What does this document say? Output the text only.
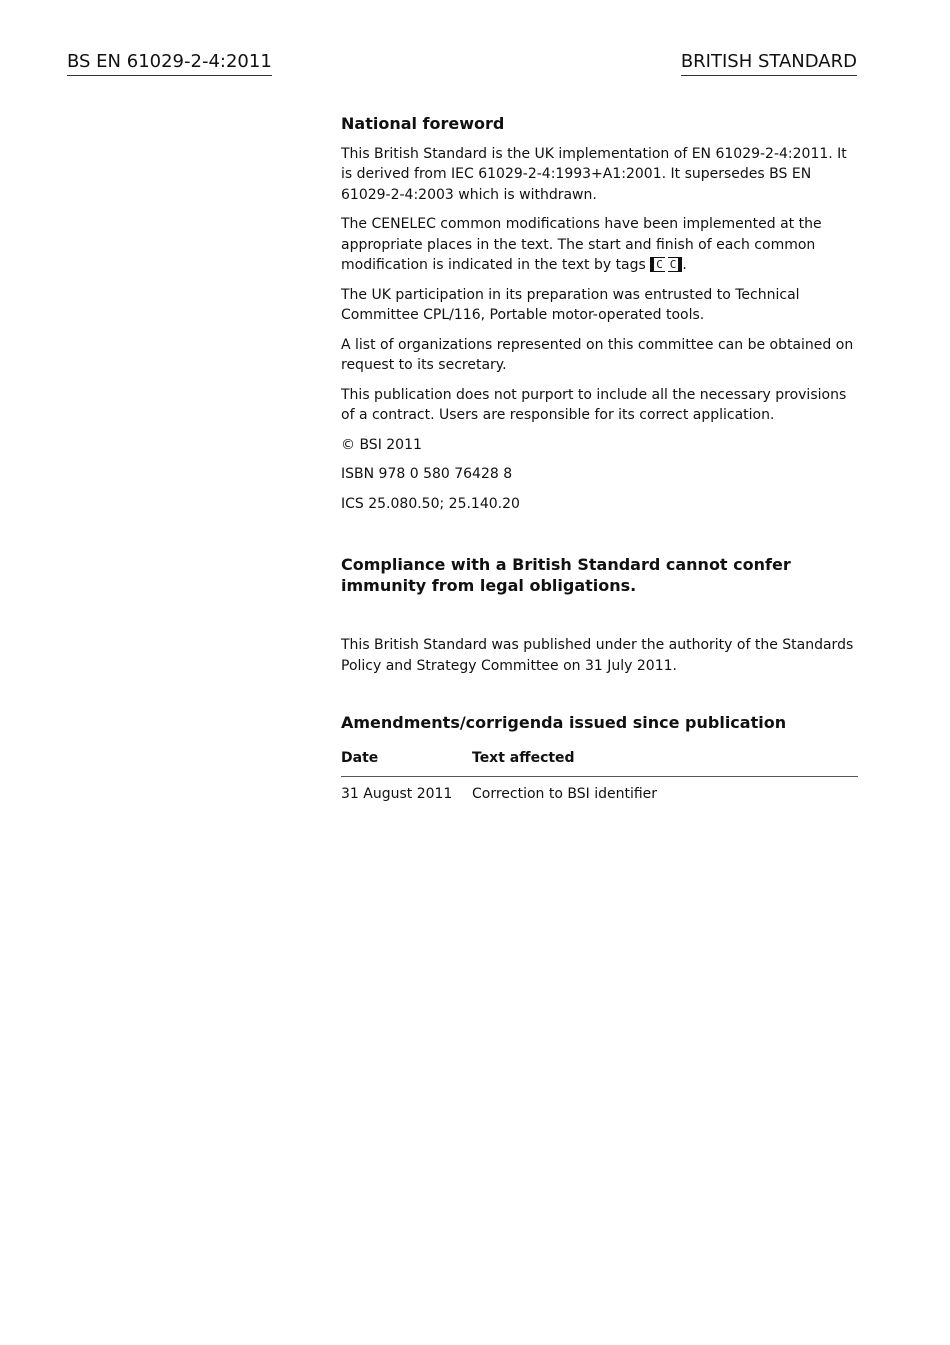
BS EN 61029-2-4:2011	BRITISH STANDARD
National foreword

This British Standard is the UK implementation of EN 61029-2-4:2011. It is derived from IEC 61029-2-4:1993+A1:2001. It supersedes BS EN 61029-2-4:2003 which is withdrawn.

The CENELEC common modifications have been implemented at the appropriate places in the text. The start and finish of each common modification is indicated in the text by tags C  C .

The UK participation in its preparation was entrusted to Technical Committee CPL/116, Portable motor-operated tools.

A list of organizations represented on this committee can be obtained on request to its secretary.

This publication does not purport to include all the necessary provisions of a contract. Users are responsible for its correct application.

© BSI 2011

ISBN 978 0 580 76428 8

ICS 25.080.50; 25.140.20

Compliance with a British Standard cannot confer immunity from legal obligations.

This British Standard was published under the authority of the Standards Policy and Strategy Committee on 31 July 2011.

Amendments/corrigenda issued since publication
Date	Text affected
31 August 2011	Correction to BSI identifier
